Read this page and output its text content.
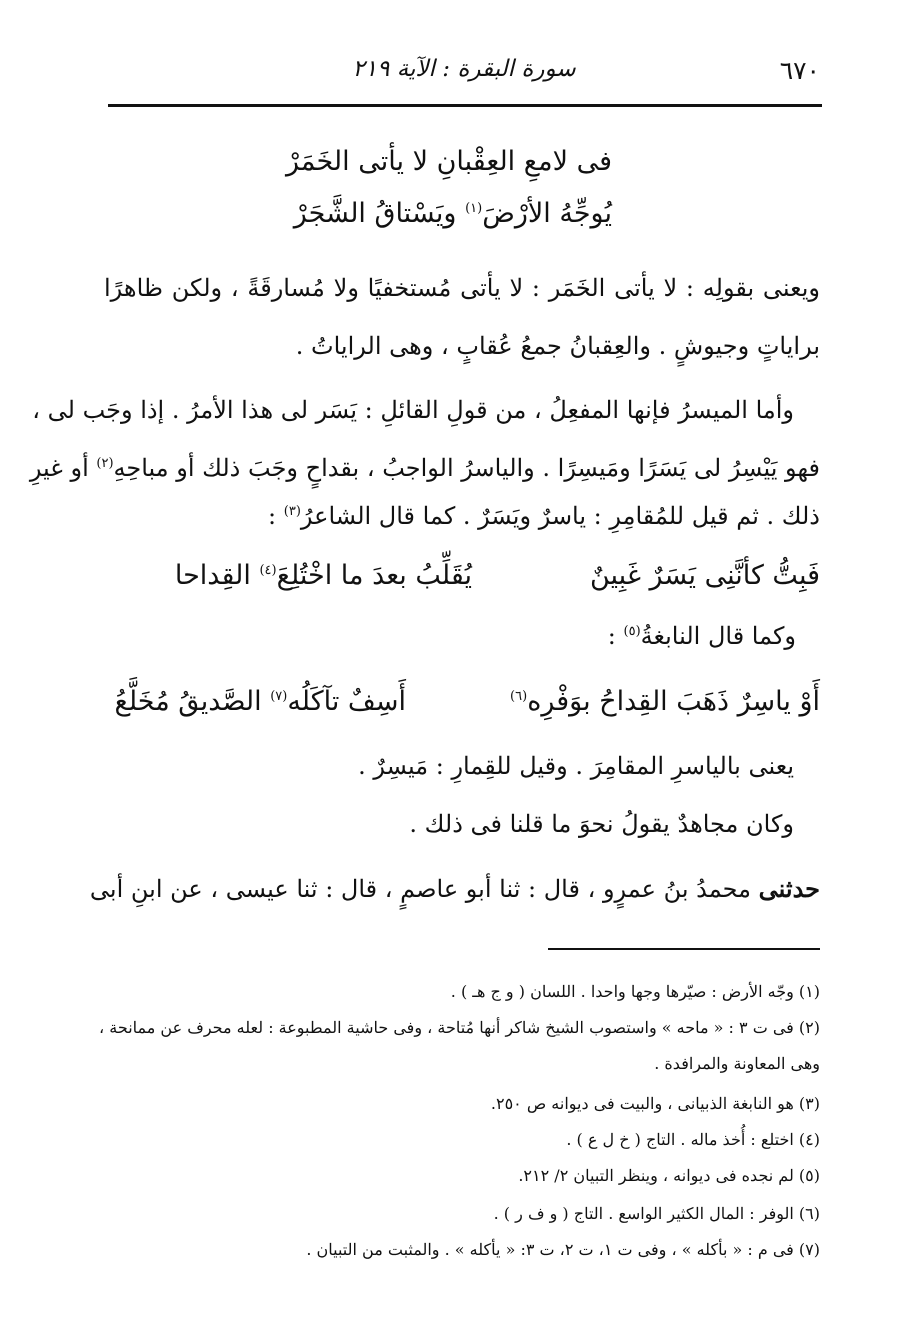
٦٧٠
سورة البقرة : الآية ٢١٩
فى لامعِ العِقْبانِ لا يأتى الخَمَرْ
يُوجِّهُ الأرْضَ$^{(١)}$ ويَسْتاقُ الشَّجَرْ
ويعنى بقولِه : لا يأتى الخَمَر : لا يأتى مُستخفيًا ولا مُسارقَةً ، ولكن ظاهرًا
براياتٍ وجيوشٍ . والعِقبانُ جمعُ عُقابٍ ، وهى الراياتُ .
وأما الميسرُ فإنها المفعِلُ ، من قولِ القائلِ : يَسَر لى هذا الأمرُ . إذا وجَب لى ،
فهو يَيْسِرُ لى يَسَرًا ومَيسِرًا . والياسرُ الواجبُ ، بقداحٍ وجَبَ ذلك أو مباحِهِ$^{(٢)}$ أو غيرِ
ذلك . ثم قيل للمُقامِرِ : ياسرٌ ويَسَرٌ . كما قال الشاعرُ$^{(٣)}$ :
فَبِتُّ كأنَّنِى يَسَرٌ غَبِينٌ
يُقَلِّبُ بعدَ ما اخْتُلِعَ$^{(٤)}$ القِداحا
وكما قال النابغةُ$^{(٥)}$ :
أَوْ ياسِرٌ ذَهَبَ القِداحُ بوَفْرِه$^{(٦)}$
أَسِفٌ تآكَلُه$^{(٧)}$ الصَّديقُ مُخَلَّعُ
يعنى بالياسرِ المقامِرَ . وقيل للقِمارِ : مَيسِرٌ .
وكان مجاهدٌ يقولُ نحوَ ما قلنا فى ذلك .
حدثنى محمدُ بنُ عمرٍو ، قال : ثنا أبو عاصمٍ ، قال : ثنا عيسى ، عن ابنِ أبى
(١) وجّه الأرض : صيّرها وجها واحدا . اللسان ( و ج هـ ) .
(٢) فى ت ٣ : « ماحه » واستصوب الشيخ شاكر أنها مُتاحة ، وفى حاشية المطبوعة : لعله محرف عن ممانحة ،
وهى المعاونة والمرافدة .
(٣) هو النابغة الذبيانى ، والبيت فى ديوانه ص ٢٥٠.
(٤) اختلع : أُخذ ماله . التاج ( خ ل ع ) .
(٥) لم نجده فى ديوانه ، وينظر التبيان ٢/ ٢١٢.
(٦) الوفر : المال الكثير الواسع . التاج ( و ف ر ) .
(٧) فى م : « بأكله » ، وفى ت ١، ت ٢، ت ٣: « يأكله » . والمثبت من التبيان .
